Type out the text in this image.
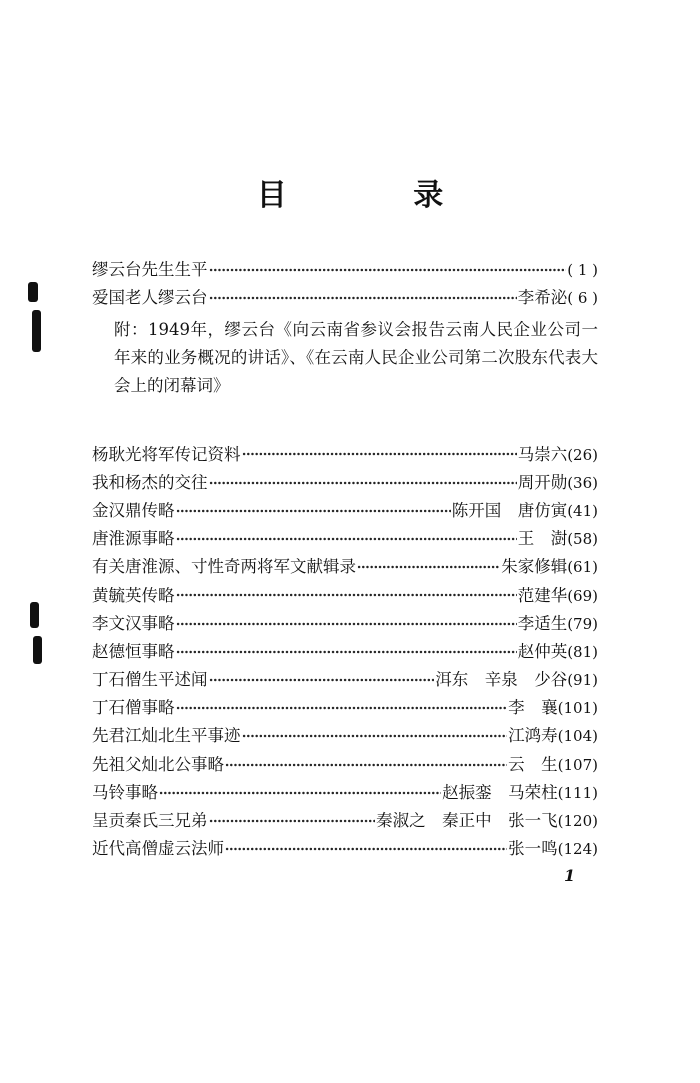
目 录
缪云台先生生平	( 1 )
爱国老人缪云台	李希泌 ( 6 )
附：1949年，缪云台《向云南省参议会报告云南人民企业公司一年来的业务概况的讲话》、《在云南人民企业公司第二次股东代表大会上的闭幕词》
杨耿光将军传记资料	马崇六 (26)
我和杨杰的交往	周开勋 (36)
金汉鼎传略	陈开国　唐仿寅 (41)
唐淮源事略	王　澍 (58)
有关唐淮源、寸性奇两将军文献辑录	朱家修辑 (61)
黄毓英传略	范建华 (69)
李文汉事略	李适生 (79)
赵德恒事略	赵仲英 (81)
丁石僧生平述闻	洱东　辛泉　少谷 (91)
丁石僧事略	李　襄 (101)
先君江灿北生平事迹	江鸿寿 (104)
先祖父灿北公事略	云　生 (107)
马铃事略	赵振銮　马荣柱 (111)
呈贡秦氏三兄弟	秦淑之　秦正中　张一飞 (120)
近代高僧虚云法师	张一鸣 (124)
1
